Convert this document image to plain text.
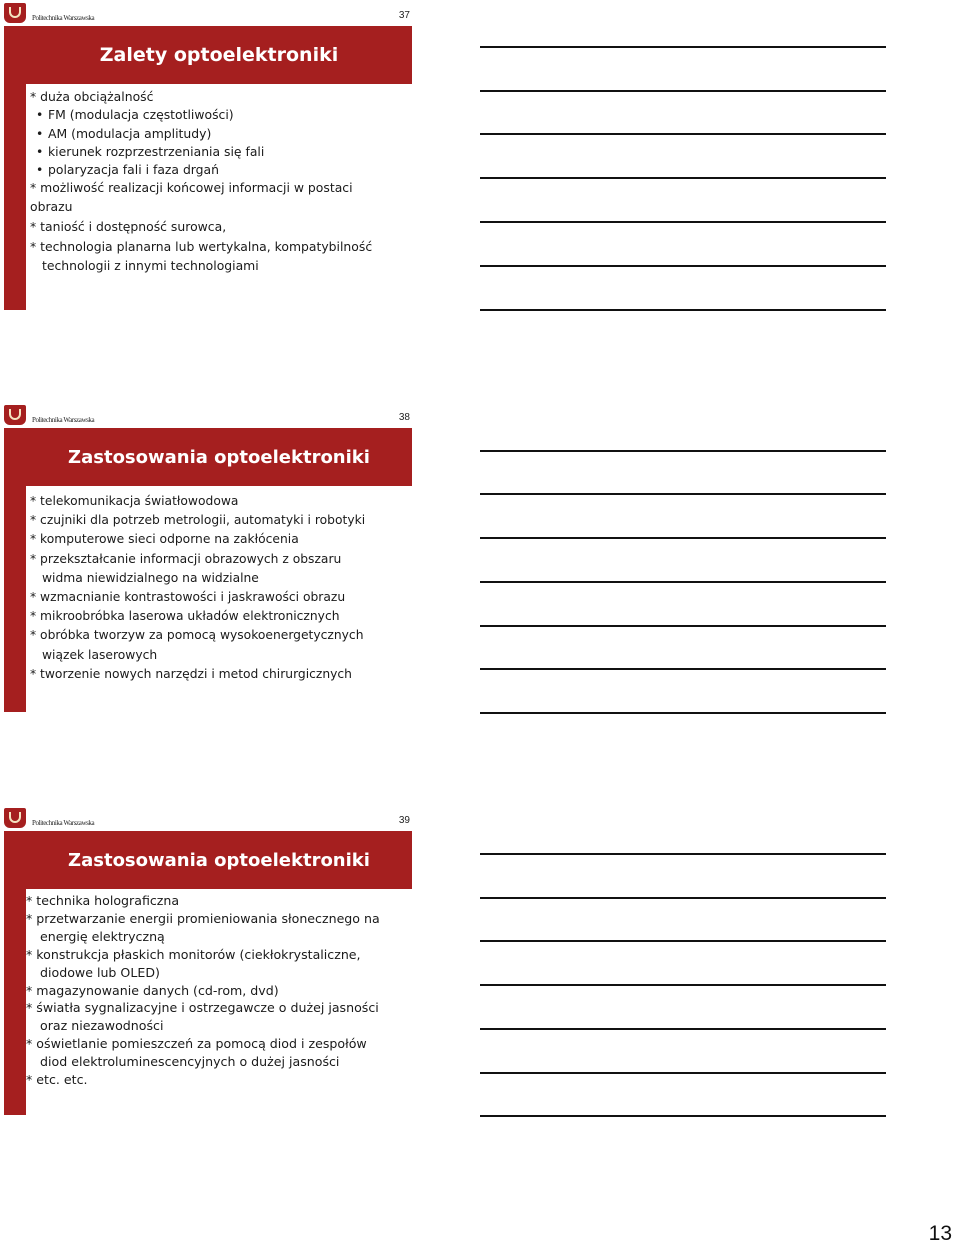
Politechnika Warszawska	37
Zalety optoelektroniki
* duża obciążalność
• FM (modulacja częstotliwości)
• AM (modulacja amplitudy)
• kierunek rozprzestrzeniania się fali
• polaryzacja fali i faza drgań
* możliwość realizacji końcowej informacji w postaci
obrazu
* taniość i dostępność surowca,
* technologia planarna lub wertykalna, kompatybilność
technologii z innymi technologiami
Politechnika Warszawska	38
Zastosowania optoelektroniki
* telekomunikacja światłowodowa
* czujniki dla potrzeb metrologii, automatyki i robotyki
* komputerowe sieci odporne na zakłócenia
* przekształcanie informacji obrazowych z obszaru
widma niewidzialnego na widzialne
* wzmacnianie kontrastowości i jaskrawości obrazu
* mikroobróbka laserowa układów elektronicznych
* obróbka tworzyw za pomocą wysokoenergetycznych
wiązek laserowych
* tworzenie nowych narzędzi i metod chirurgicznych
Politechnika Warszawska	39
Zastosowania optoelektroniki
* technika holograficzna
* przetwarzanie energii promieniowania słonecznego na
energię elektryczną
* konstrukcja płaskich monitorów (ciekłokrystaliczne,
diodowe lub OLED)
* magazynowanie danych (cd-rom, dvd)
* światła sygnalizacyjne i ostrzegawcze o dużej jasności
oraz niezawodności
* oświetlanie pomieszczeń za pomocą diod i zespołów
diod elektroluminescencyjnych o dużej jasności
* etc. etc.
13
